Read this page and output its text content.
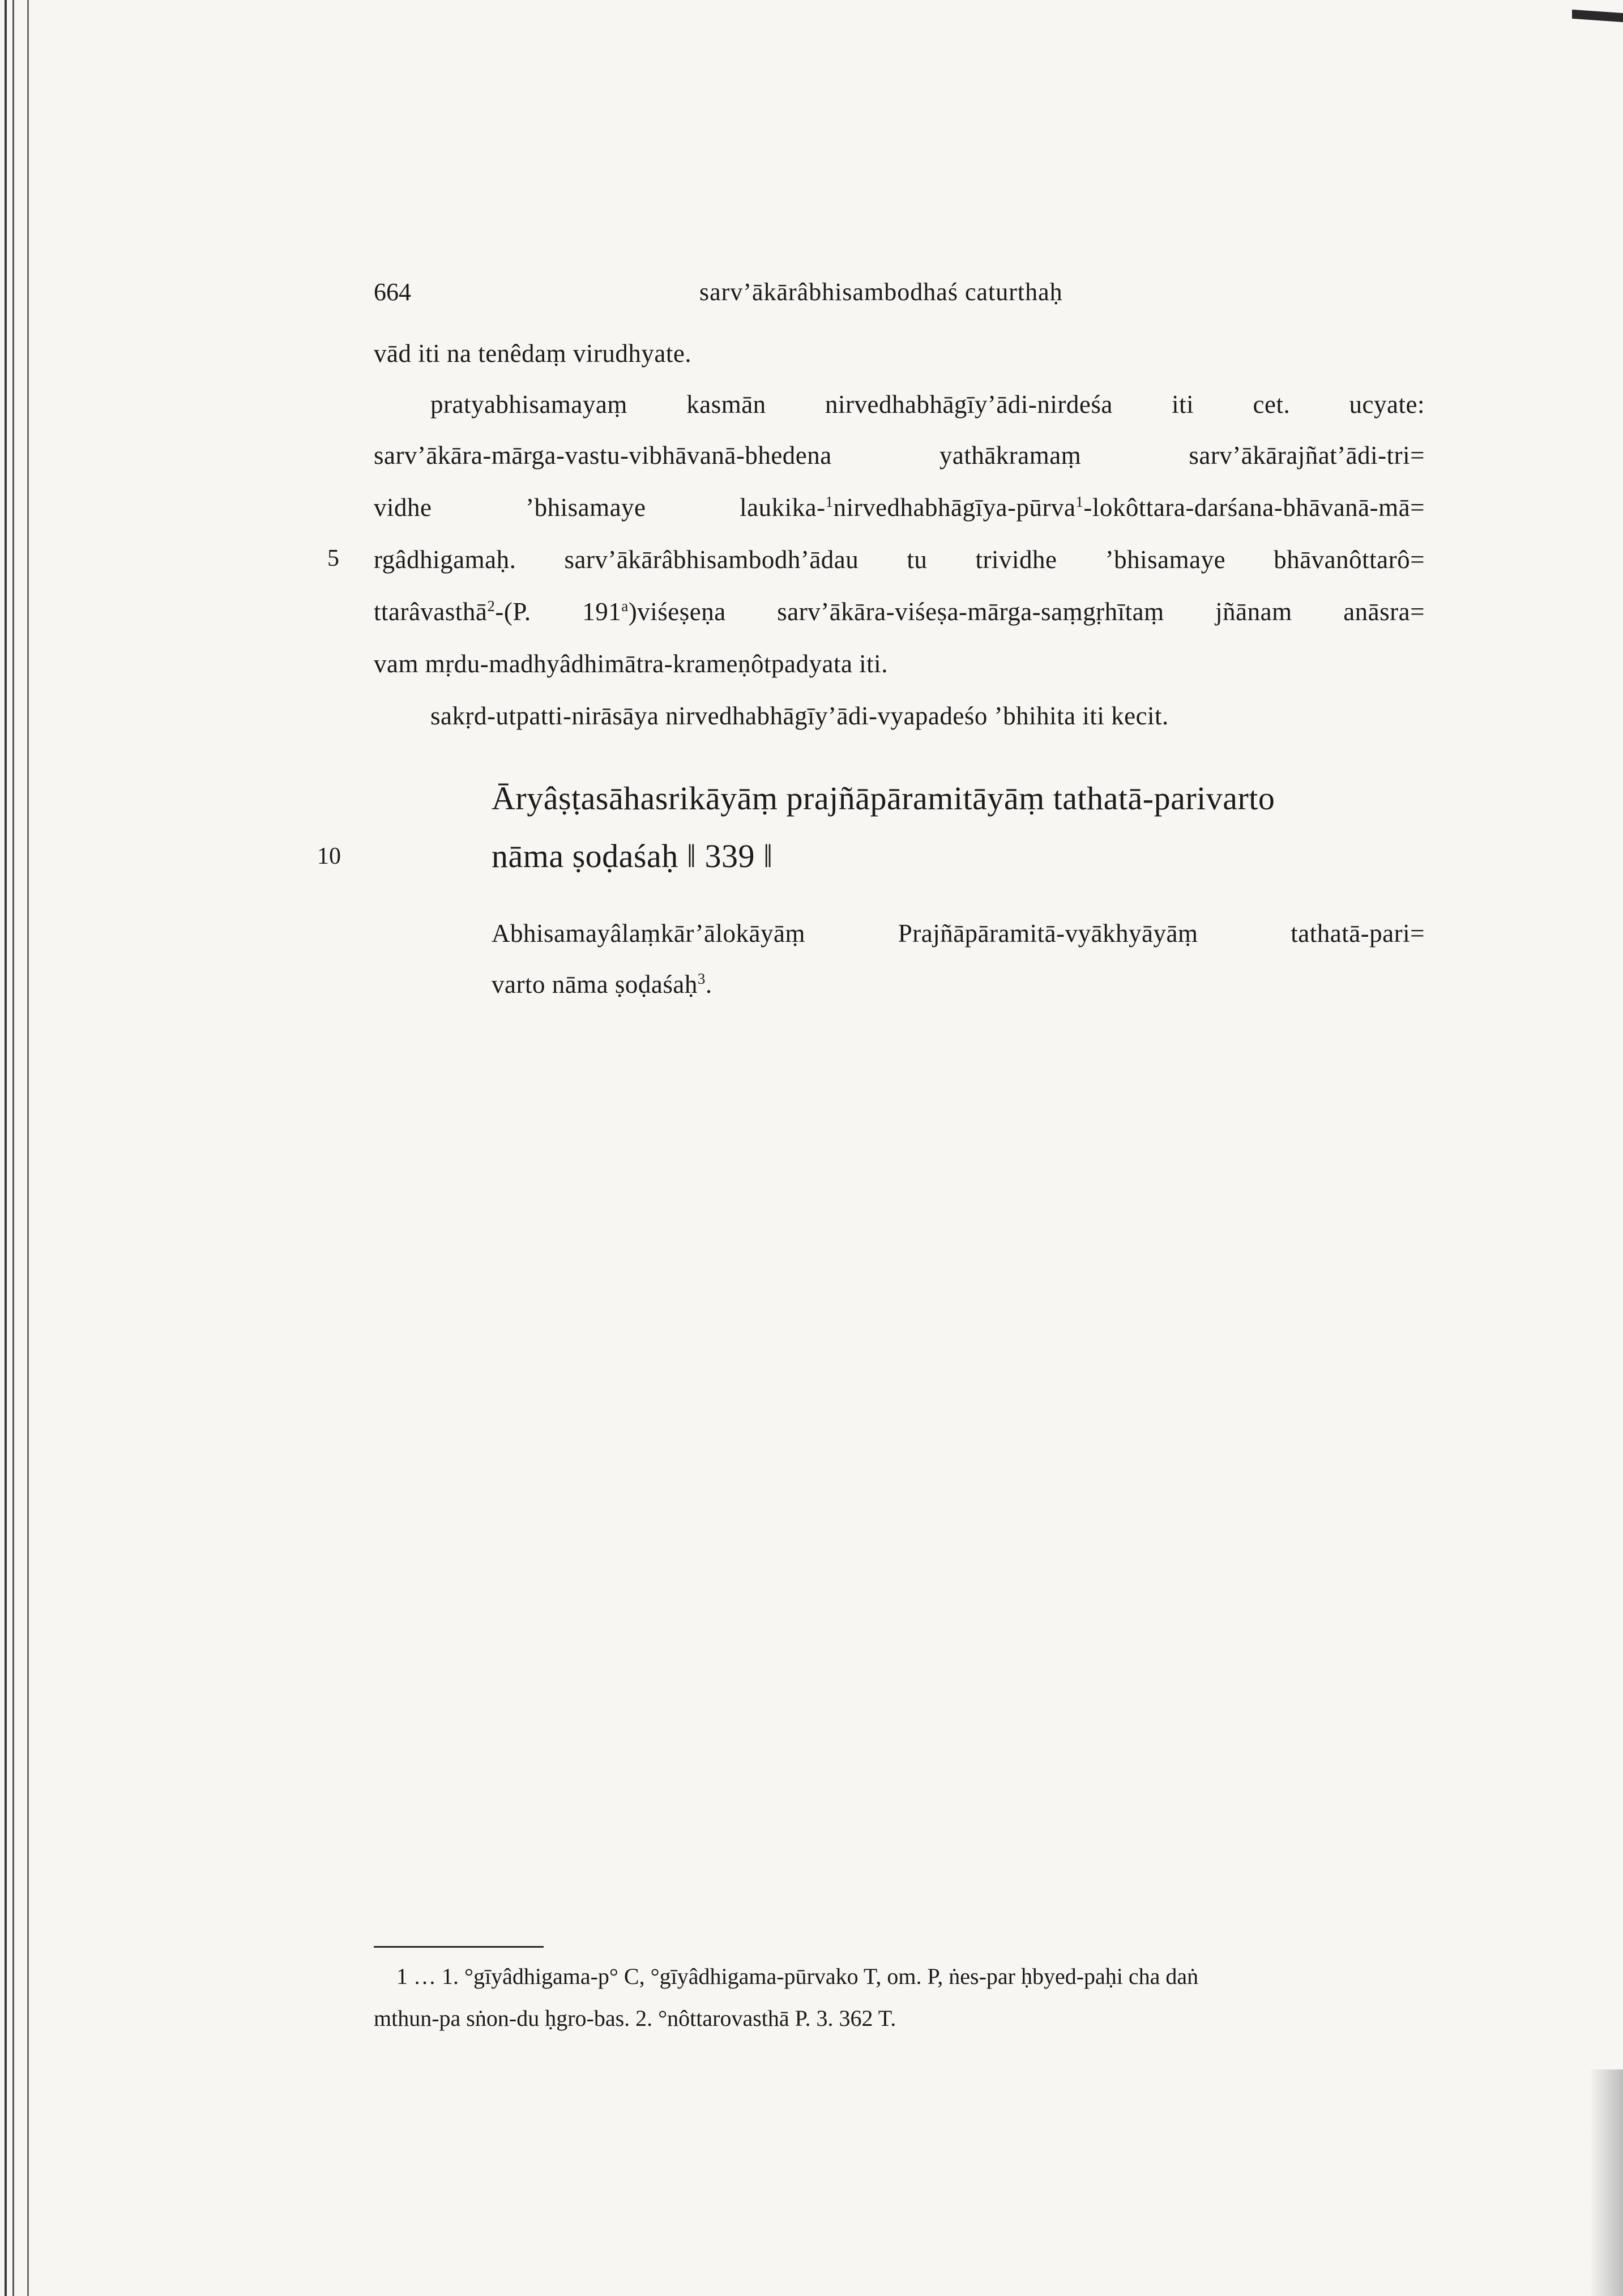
664	sarv’ākārâbhisambodhaś caturthaḥ
vād iti na tenêdaṃ virudhyate.
pratyabhisamayaṃ kasmān nirvedhabhāgīy’ādi-nirdeśa iti cet. ucyate:
sarv’ākāra-mārga-vastu-vibhāvanā-bhedena yathākramaṃ sarv’ākārajñat’ādi-tri=
vidhe ’bhisamaye laukika-$^1$nirvedhabhāgīya-pūrva$^1$-lokôttara-darśana-bhāvanā-mā=
5 rgâdhigamaḥ. sarv’ākārâbhisambodh’ādau tu trividhe ’bhisamaye bhāvanôttarô=
ttarâvasthā$^2$-(P. 191$^a$)viśeṣeṇa sarv’ākāra-viśeṣa-mārga-saṃgṛhītaṃ jñānam anāsra=
vam mṛdu-madhyâdhimātra-krameṇôtpadyata iti.
sakṛd-utpatti-nirāsāya nirvedhabhāgīy’ādi-vyapadeśo ’bhihita iti kecit.
Āryâṣṭasāhasrikāyāṃ prajñāpāramitāyāṃ tathatā-parivarto
10	nāma ṣoḍaśaḥ ‖ 339 ‖
Abhisamayâlaṃkār’ālokāyāṃ Prajñāpāramitā-vyākhyāyāṃ tathatā-pari=
varto nāma ṣoḍaśaḥ$^3$.
1 … 1. °gīyâdhigama-p° C, °gīyâdhigama-pūrvako T, om. P, ṅes-par ḥbyed-paḥi cha daṅ
mthun-pa sṅon-du ḥgro-bas. 2. °nôttarovasthā P. 3. 362 T.
